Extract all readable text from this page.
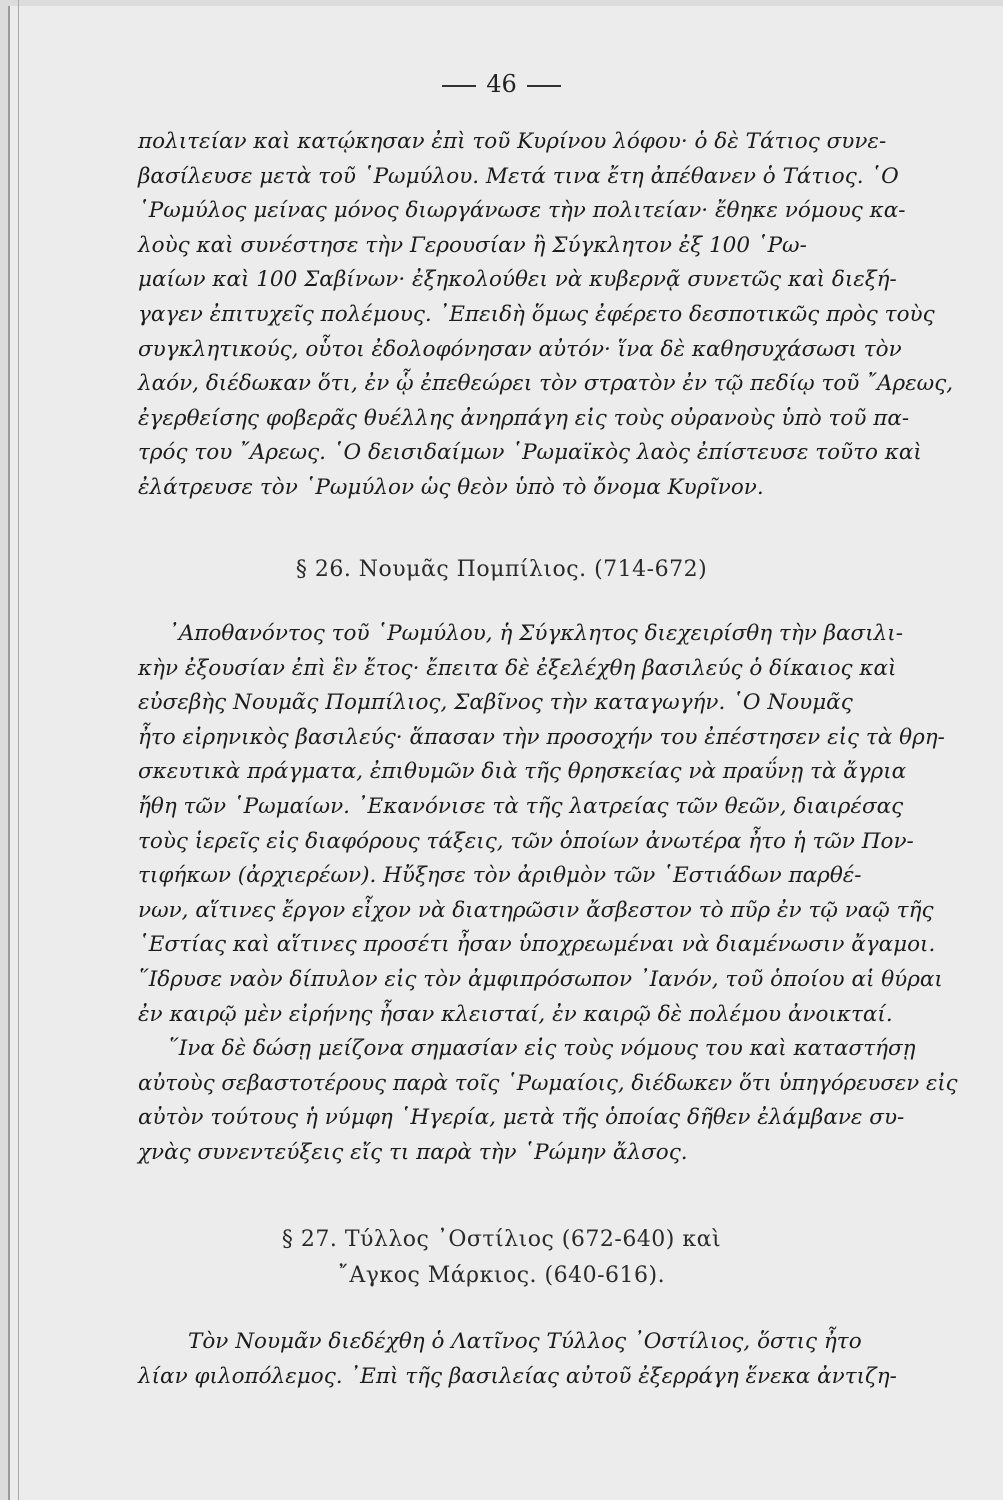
46
πολιτείαν καὶ κατῴκησαν ἐπὶ τοῦ Κυρίνου λόφου· ὁ δὲ Τάτιος συνε-
βασίλευσε μετὰ τοῦ ῾Ρωμύλου. Μετά τινα ἔτη ἀπέθανεν ὁ Τάτιος. ῾Ο
῾Ρωμύλος μείνας μόνος διωργάνωσε τὴν πολιτείαν· ἔθηκε νόμους κα-
λοὺς καὶ συνέστησε τὴν Γερουσίαν ἢ Σύγκλητον ἐξ 100 ῾Ρω-
μαίων καὶ 100 Σαβίνων· ἐξηκολούθει νὰ κυβερνᾷ συνετῶς καὶ διεξή-
γαγεν ἐπιτυχεῖς πολέμους. ᾿Επειδὴ ὅμως ἐφέρετο δεσποτικῶς πρὸς τοὺς
συγκλητικούς, οὗτοι ἐδολοφόνησαν αὐτόν· ἵνα δὲ καθησυχάσωσι τὸν
λαόν, διέδωκαν ὅτι, ἐν ᾧ ἐπεθεώρει τὸν στρατὸν ἐν τῷ πεδίῳ τοῦ ῎Αρεως,
ἐγερθείσης φοβερᾶς θυέλλης ἀνηρπάγη εἰς τοὺς οὐρανοὺς ὑπὸ τοῦ πα-
τρός του ῎Αρεως. ῾Ο δεισιδαίμων ῾Ρωμαϊκὸς λαὸς ἐπίστευσε τοῦτο καὶ
ἐλάτρευσε τὸν ῾Ρωμύλον ὡς θεὸν ὑπὸ τὸ ὄνομα Κυρῖνον.
§ 26. Νουμᾶς Πομπίλιος. (714-672)
᾿Αποθανόντος τοῦ ῾Ρωμύλου, ἡ Σύγκλητος διεχειρίσθη τὴν βασιλι-
κὴν ἐξουσίαν ἐπὶ ἓν ἔτος· ἔπειτα δὲ ἐξελέχθη βασιλεύς ὁ δίκαιος καὶ
εὐσεβὴς Νουμᾶς Πομπίλιος, Σαβῖνος τὴν καταγωγήν. ῾Ο Νουμᾶς
ἦτο εἰρηνικὸς βασιλεύς· ἅπασαν τὴν προσοχήν του ἐπέστησεν εἰς τὰ θρη-
σκευτικὰ πράγματα, ἐπιθυμῶν διὰ τῆς θρησκείας νὰ πραΰνῃ τὰ ἄγρια
ἤθη τῶν ῾Ρωμαίων. ᾿Εκανόνισε τὰ τῆς λατρείας τῶν θεῶν, διαιρέσας
τοὺς ἱερεῖς εἰς διαφόρους τάξεις, τῶν ὁποίων ἀνωτέρα ἦτο ἡ τῶν Πον-
τιφήκων (ἀρχιερέων). Ηὔξησε τὸν ἀριθμὸν τῶν ῾Εστιάδων παρθέ-
νων, αἵτινες ἔργον εἶχον νὰ διατηρῶσιν ἄσβεστον τὸ πῦρ ἐν τῷ ναῷ τῆς
῾Εστίας καὶ αἵτινες προσέτι ἦσαν ὑποχρεωμέναι νὰ διαμένωσιν ἄγαμοι.
῞Ιδρυσε ναὸν δίπυλον εἰς τὸν ἀμφιπρόσωπον ᾿Ιανόν, τοῦ ὁποίου αἱ θύραι
ἐν καιρῷ μὲν εἰρήνης ἦσαν κλεισταί, ἐν καιρῷ δὲ πολέμου ἀνοικταί.
῞Ινα δὲ δώσῃ μείζονα σημασίαν εἰς τοὺς νόμους του καὶ καταστήσῃ
αὐτοὺς σεβαστοτέρους παρὰ τοῖς ῾Ρωμαίοις, διέδωκεν ὅτι ὑπηγόρευσεν εἰς
αὐτὸν τούτους ἡ νύμφη ῾Ηγερία, μετὰ τῆς ὁποίας δῆθεν ἐλάμβανε συ-
χνὰς συνεντεύξεις εἴς τι παρὰ τὴν ῾Ρώμην ἄλσος.
§ 27. Τύλλος ᾿Οστίλιος (672-640) καὶ
῎Αγκος Μάρκιος. (640-616).
Τὸν Νουμᾶν διεδέχθη ὁ Λατῖνος Τύλλος ᾿Οστίλιος, ὅστις ἦτο
λίαν φιλοπόλεμος. ᾿Επὶ τῆς βασιλείας αὐτοῦ ἐξερράγη ἕνεκα ἀντιζη-
